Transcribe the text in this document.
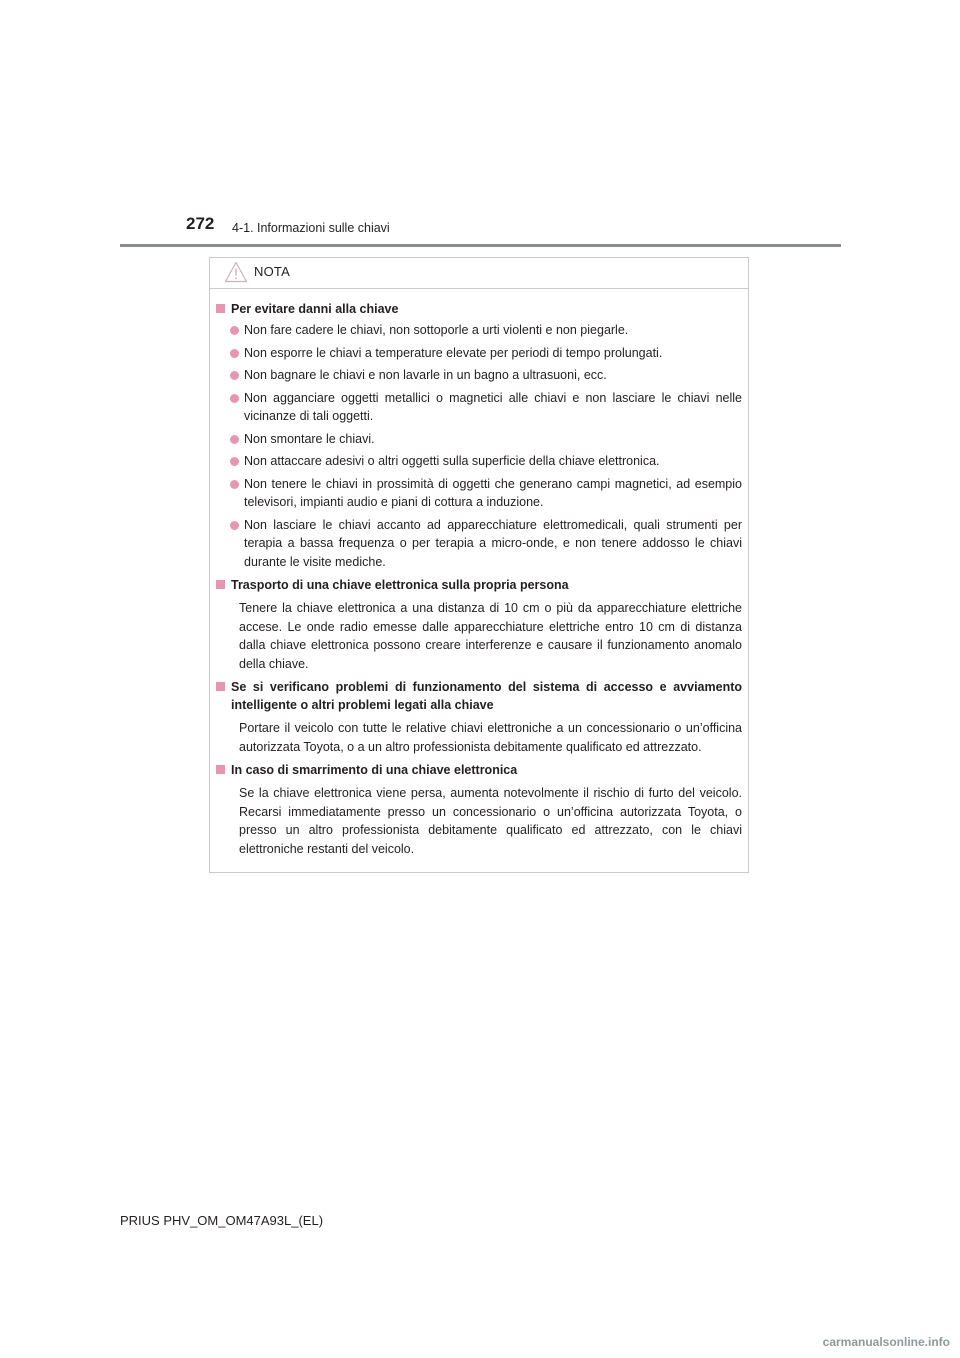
272 4-1. Informazioni sulle chiavi
NOTA
Per evitare danni alla chiave
Non fare cadere le chiavi, non sottoporle a urti violenti e non piegarle.
Non esporre le chiavi a temperature elevate per periodi di tempo prolungati.
Non bagnare le chiavi e non lavarle in un bagno a ultrasuoni, ecc.
Non agganciare oggetti metallici o magnetici alle chiavi e non lasciare le chiavi nelle vicinanze di tali oggetti.
Non smontare le chiavi.
Non attaccare adesivi o altri oggetti sulla superficie della chiave elettronica.
Non tenere le chiavi in prossimità di oggetti che generano campi magnetici, ad esempio televisori, impianti audio e piani di cottura a induzione.
Non lasciare le chiavi accanto ad apparecchiature elettromedicali, quali strumenti per terapia a bassa frequenza o per terapia a micro-onde, e non tenere addosso le chiavi durante le visite mediche.
Trasporto di una chiave elettronica sulla propria persona
Tenere la chiave elettronica a una distanza di 10 cm o più da apparecchiature elettriche accese. Le onde radio emesse dalle apparecchiature elettriche entro 10 cm di distanza dalla chiave elettronica possono creare interferenze e causare il funzionamento anomalo della chiave.
Se si verificano problemi di funzionamento del sistema di accesso e avviamento intelligente o altri problemi legati alla chiave
Portare il veicolo con tutte le relative chiavi elettroniche a un concessionario o un’officina autorizzata Toyota, o a un altro professionista debitamente qualificato ed attrezzato.
In caso di smarrimento di una chiave elettronica
Se la chiave elettronica viene persa, aumenta notevolmente il rischio di furto del veicolo. Recarsi immediatamente presso un concessionario o un’officina autorizzata Toyota, o presso un altro professionista debitamente qualificato ed attrezzato, con le chiavi elettroniche restanti del veicolo.
PRIUS PHV_OM_OM47A93L_(EL)
carmanualsonline.info
